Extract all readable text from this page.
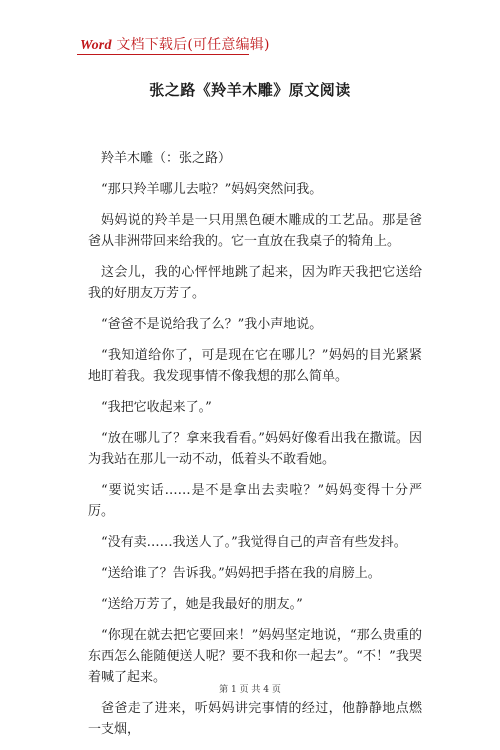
Word 文档下载后(可任意编辑)
张之路《羚羊木雕》原文阅读

羚羊木雕（：张之路）

“那只羚羊哪儿去啦？”妈妈突然问我。

妈妈说的羚羊是一只用黑色硬木雕成的工艺品。那是爸爸从非洲带回来给我的。它一直放在我桌子的犄角上。

这会儿，我的心怦怦地跳了起来，因为昨天我把它送给我的好朋友万芳了。

“爸爸不是说给我了么？”我小声地说。

“我知道给你了，可是现在它在哪儿？”妈妈的目光紧紧地盯着我。我发现事情不像我想的那么简单。

“我把它收起来了。”

“放在哪儿了？拿来我看看。”妈妈好像看出我在撒谎。因为我站在那儿一动不动，低着头不敢看她。

“要说实话……是不是拿出去卖啦？”妈妈变得十分严厉。

“没有卖……我送人了。”我觉得自己的声音有些发抖。

“送给谁了？告诉我。”妈妈把手搭在我的肩膀上。

“送给万芳了，她是我最好的朋友。”

“你现在就去把它要回来！”妈妈坚定地说，“那么贵重的东西怎么能随便送人呢？要不我和你一起去”。“不！”我哭着喊了起来。

爸爸走了进来，听妈妈讲完事情的经过，他静静地点燃一支烟，

第 1 页 共 4 页
